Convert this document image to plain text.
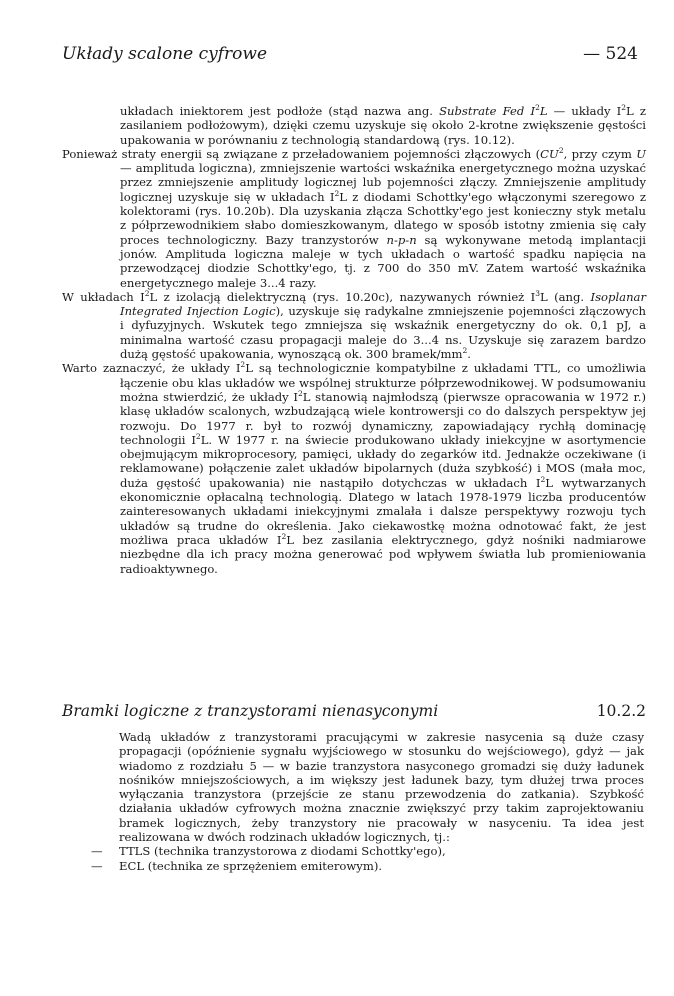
Układy scalone cyfrowe	— 524

układach iniektorem jest podłoże (stąd nazwa ang. Substrate Fed $I^2L$ — układy $I^2L$ z zasilaniem podłożowym), dzięki czemu uzyskuje się około 2-krotne zwiększenie gęstości upakowania w porównaniu z technologią standardową (rys. 10.12).

Ponieważ straty energii są związane z przeładowaniem pojemności złączowych ($CU^2$, przy czym U — amplituda logiczna), zmniejszenie wartości wskaźnika energetycznego można uzyskać przez zmniejszenie amplitudy logicznej lub pojemności złączy. Zmniejszenie amplitudy logicznej uzyskuje się w układach $I^2L$ z diodami Schottky'ego włączonymi szeregowo z kolektorami (rys. 10.20b). Dla uzyskania złącza Schottky'ego jest konieczny styk metalu z półprzewodnikiem słabo domieszkowanym, dlatego w sposób istotny zmienia się cały proces technologiczny. Bazy tranzystorów n-p-n są wykonywane metodą implantacji jonów. Amplituda logiczna maleje w tych układach o wartość spadku napięcia na przewodzącej diodzie Schottky'ego, tj. z 700 do 350 mV. Zatem wartość wskaźnika energetycznego maleje 3...4 razy.

W układach $I^2L$ z izolacją dielektryczną (rys. 10.20c), nazywanych również $I^3L$ (ang. Isoplanar Integrated Injection Logic), uzyskuje się radykalne zmniejszenie pojemności złączowych i dyfuzyjnych. Wskutek tego zmniejsza się wskaźnik energetyczny do ok. 0,1 pJ, a minimalna wartość czasu propagacji maleje do 3...4 ns. Uzyskuje się zarazem bardzo dużą gęstość upakowania, wynoszącą ok. 300 bramek/$mm^2$.

Warto zaznaczyć, że układy $I^2L$ są technologicznie kompatybilne z układami TTL, co umożliwia łączenie obu klas układów we wspólnej strukturze półprzewodnikowej. W podsumowaniu można stwierdzić, że układy $I^2L$ stanowią najmłodszą (pierwsze opracowania w 1972 r.) klasę układów scalonych, wzbudzającą wiele kontrowersji co do dalszych perspektyw jej rozwoju. Do 1977 r. był to rozwój dynamiczny, zapowiadający rychłą dominację technologii $I^2L$. W 1977 r. na świecie produkowano układy iniekcyjne w asortymencie obejmującym mikroprocesory, pamięci, układy do zegarków itd. Jednakże oczekiwane (i reklamowane) połączenie zalet układów bipolarnych (duża szybkość) i MOS (mała moc, duża gęstość upakowania) nie nastąpiło dotychczas w układach $I^2L$ wytwarzanych ekonomicznie opłacalną technologią. Dlatego w latach 1978-1979 liczba producentów zainteresowanych układami iniekcyjnymi zmalała i dalsze perspektywy rozwoju tych układów są trudne do określenia. Jako ciekawostkę można odnotować fakt, że jest możliwa praca układów $I^2L$ bez zasilania elektrycznego, gdyż nośniki nadmiarowe niezbędne dla ich pracy można generować pod wpływem światła lub promieniowania radioaktywnego.

Bramki logiczne z tranzystorami nienasyconymi	10.2.2

Wadą układów z tranzystorami pracującymi w zakresie nasycenia są duże czasy propagacji (opóźnienie sygnału wyjściowego w stosunku do wejściowego), gdyż — jak wiadomo z rozdziału 5 — w bazie tranzystora nasyconego gromadzi się duży ładunek nośników mniejszościowych, a im większy jest ładunek bazy, tym dłużej trwa proces wyłączania tranzystora (przejście ze stanu przewodzenia do zatkania). Szybkość działania układów cyfrowych można znacznie zwiększyć przy takim zaprojektowaniu bramek logicznych, żeby tranzystory nie pracowały w nasyceniu. Ta idea jest realizowana w dwóch rodzinach układów logicznych, tj.:

— TTLS (technika tranzystorowa z diodami Schottky'ego),
— ECL (technika ze sprzężeniem emiterowym).
